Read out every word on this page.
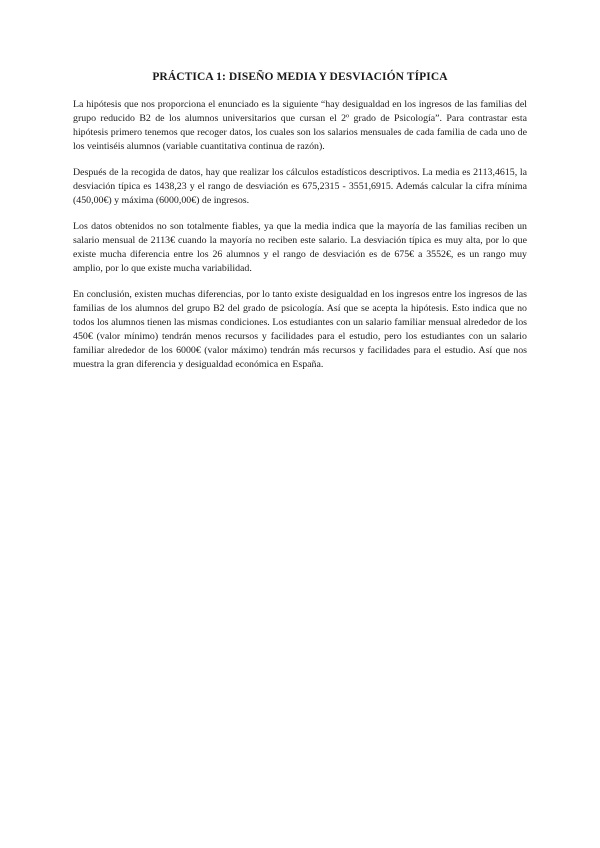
PRÁCTICA 1: DISEÑO MEDIA Y DESVIACIÓN TÍPICA

La hipótesis que nos proporciona el enunciado es la siguiente “hay desigualdad en los ingresos de las familias del grupo reducido B2 de los alumnos universitarios que cursan el 2º grado de Psicología”. Para contrastar esta hipótesis primero tenemos que recoger datos, los cuales son los salarios mensuales de cada familia de cada uno de los veintiséis alumnos (variable cuantitativa continua de razón).

Después de la recogida de datos, hay que realizar los cálculos estadísticos descriptivos. La media es 2113,4615, la desviación típica es 1438,23 y el rango de desviación es 675,2315 - 3551,6915. Además calcular la cifra mínima (450,00€) y máxima (6000,00€) de ingresos.

Los datos obtenidos no son totalmente fiables, ya que la media indica que la mayoría de las familias reciben un salario mensual de 2113€ cuando la mayoría no reciben este salario. La desviación típica es muy alta, por lo que existe mucha diferencia entre los 26 alumnos y el rango de desviación es de 675€ a 3552€, es un rango muy amplio, por lo que existe mucha variabilidad.

En conclusión, existen muchas diferencias, por lo tanto existe desigualdad en los ingresos entre los ingresos de las familias de los alumnos del grupo B2 del grado de psicología. Así que se acepta la hipótesis. Esto indica que no todos los alumnos tienen las mismas condiciones. Los estudiantes con un salario familiar mensual alrededor de los 450€ (valor mínimo) tendrán menos recursos y facilidades para el estudio, pero los estudiantes con un salario familiar alrededor de los 6000€ (valor máximo) tendrán más recursos y facilidades para el estudio. Así que nos muestra la gran diferencia y desigualdad económica en España.
